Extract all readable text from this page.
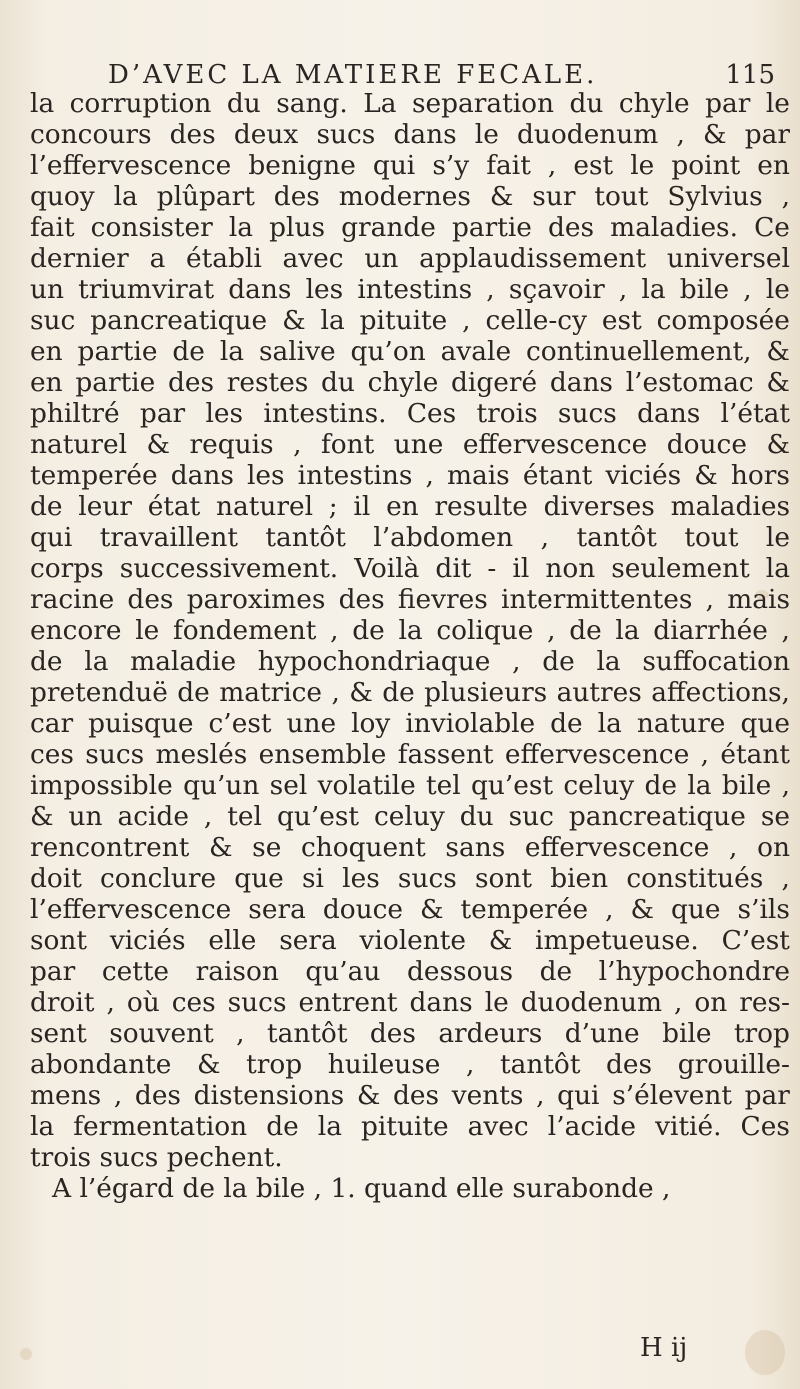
D’AVEC LA MATIERE FECALE.	115
la corruption du sang. La separation du chyle par le
concours des deux sucs dans le duodenum , & par
l’effervescence benigne qui s’y fait , est le point en
quoy la plûpart des modernes & sur tout Sylvius ,
fait consister la plus grande partie des maladies. Ce
dernier a établi avec un applaudissement universel
un triumvirat dans les intestins , sçavoir , la bile , le
suc pancreatique & la pituite , celle-cy est composée
en partie de la salive qu’on avale continuellement, &
en partie des restes du chyle digeré dans l’estomac &
philtré par les intestins. Ces trois sucs dans l’état
naturel & requis , font une effervescence douce &
temperée dans les intestins , mais étant viciés & hors
de leur état naturel ; il en resulte diverses maladies
qui travaillent tantôt l’abdomen , tantôt tout le
corps successivement. Voilà dit - il non seulement la
racine des paroximes des fievres intermittentes , mais
encore le fondement , de la colique , de la diarrhée ,
de la maladie hypochondriaque , de la suffocation
pretenduë de matrice , & de plusieurs autres affections,
car puisque c’est une loy inviolable de la nature que
ces sucs meslés ensemble fassent effervescence , étant
impossible qu’un sel volatile tel qu’est celuy de la bile ,
& un acide , tel qu’est celuy du suc pancreatique se
rencontrent & se choquent sans effervescence , on
doit conclure que si les sucs sont bien constitués ,
l’effervescence sera douce & temperée , & que s’ils
sont viciés elle sera violente & impetueuse. C’est
par cette raison qu’au dessous de l’hypochondre
droit , où ces sucs entrent dans le duodenum , on res-
sent souvent , tantôt des ardeurs d’une bile trop
abondante & trop huileuse , tantôt des grouille-
mens , des distensions & des vents , qui s’élevent par
la fermentation de la pituite avec l’acide vitié. Ces
trois sucs pechent.
A l’égard de la bile , 1. quand elle surabonde ,
H ij
